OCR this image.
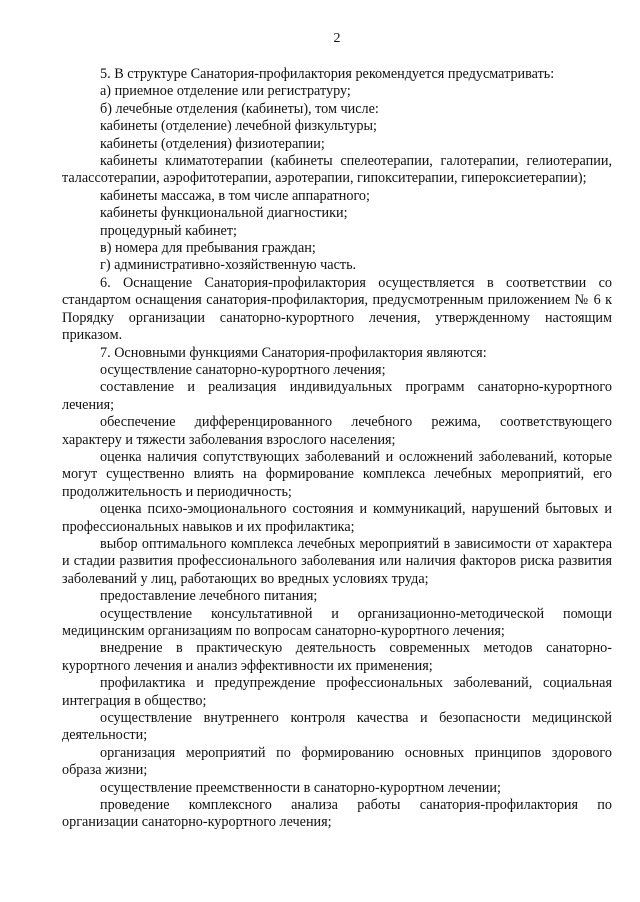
2

5. В структуре Санатория-профилактория рекомендуется предусматривать:

а) приемное отделение или регистратуру;

б) лечебные отделения (кабинеты), том числе:

кабинеты (отделение) лечебной физкультуры;

кабинеты (отделения) физиотерапии;

кабинеты климатотерапии (кабинеты спелеотерапии, галотерапии, гелиотерапии, талассотерапии, аэрофитотерапии, аэротерапии, гипокситерапии, гипероксиетерапии);

кабинеты массажа, в том числе аппаратного;

кабинеты функциональной диагностики;

процедурный кабинет;

в) номера для пребывания граждан;

г) административно-хозяйственную часть.

6. Оснащение Санатория-профилактория осуществляется в соответствии со стандартом оснащения санатория-профилактория, предусмотренным приложением № 6 к Порядку организации санаторно-курортного лечения, утвержденному настоящим приказом.

7. Основными функциями Санатория-профилактория являются:

осуществление санаторно-курортного лечения;

составление и реализация индивидуальных программ санаторно-курортного лечения;

обеспечение дифференцированного лечебного режима, соответствующего характеру и тяжести заболевания взрослого населения;

оценка наличия сопутствующих заболеваний и осложнений заболеваний, которые могут существенно влиять на формирование комплекса лечебных мероприятий, его продолжительность и периодичность;

оценка психо-эмоционального состояния и коммуникаций, нарушений бытовых и профессиональных навыков и их профилактика;

выбор оптимального комплекса лечебных мероприятий в зависимости от характера и стадии развития профессионального заболевания или наличия факторов риска развития заболеваний у лиц, работающих во вредных условиях труда;

предоставление лечебного питания;

осуществление консультативной и организационно-методической помощи медицинским организациям по вопросам санаторно-курортного лечения;

внедрение в практическую деятельность современных методов санаторно-курортного лечения и анализ эффективности их применения;

профилактика и предупреждение профессиональных заболеваний, социальная интеграция в общество;

осуществление внутреннего контроля качества и безопасности медицинской деятельности;

организация мероприятий по формированию основных принципов здорового образа жизни;

осуществление преемственности в санаторно-курортном лечении;

проведение комплексного анализа работы санатория-профилактория по организации санаторно-курортного лечения;
